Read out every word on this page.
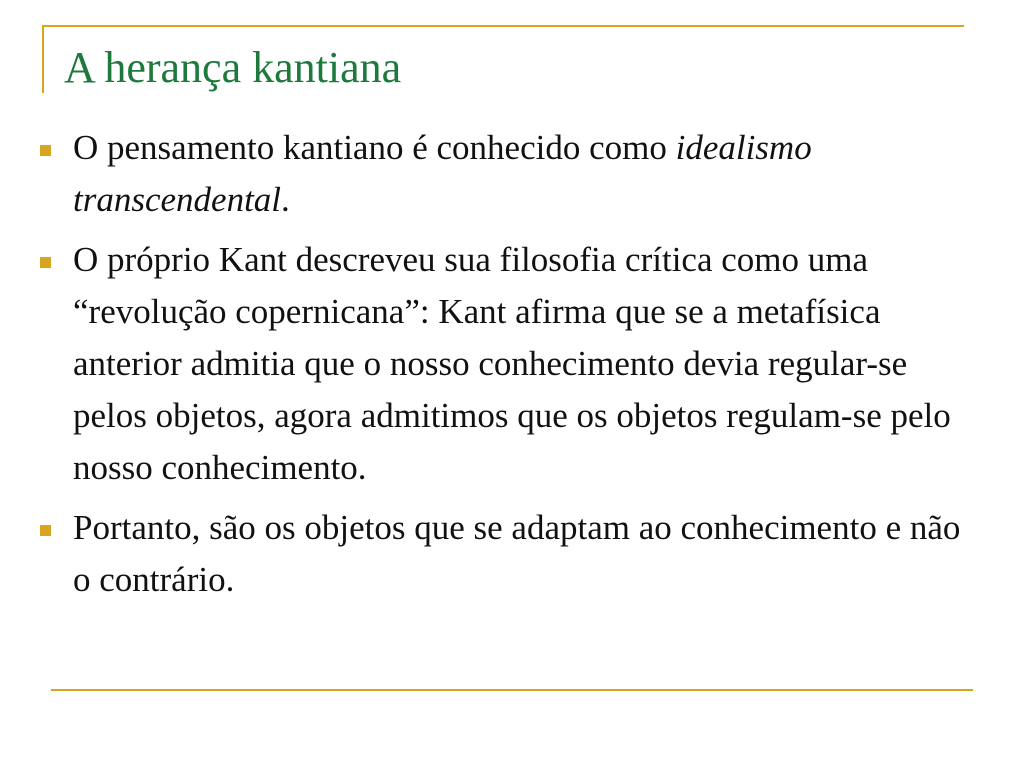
A herança kantiana
O pensamento kantiano é conhecido como idealismo transcendental.
O próprio Kant descreveu sua filosofia crítica como uma “revolução copernicana”: Kant afirma que se a metafísica anterior admitia que o nosso conhecimento devia regular-se pelos objetos, agora admitimos que os objetos regulam-se pelo nosso conhecimento.
Portanto, são os objetos que se adaptam ao conhecimento e não o contrário.
